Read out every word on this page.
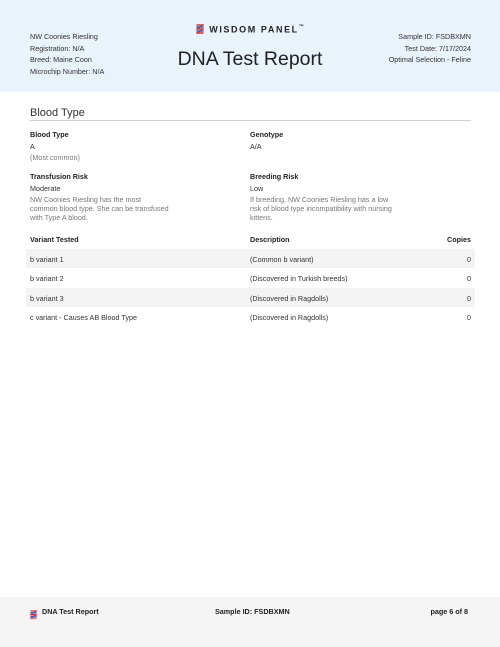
NW Coonies Riesling
Registration: N/A
Breed: Maine Coon
Microchip Number: N/A
WISDOM PANEL™
DNA Test Report
Sample ID: FSDBXMN
Test Date: 7/17/2024
Optimal Selection - Feline
Blood Type
Blood Type
A
(Most common)
Genotype
A/A
Transfusion Risk
Moderate
NW Coonies Riesling has the most common blood type. She can be transfused with Type A blood.
Breeding Risk
Low
If breeding, NW Coonies Riesling has a low risk of blood type incompatibility with nursing kittens.
Variant Tested	Description	Copies
b variant 1	(Common b variant)	0
b variant 2	(Discovered in Turkish breeds)	0
b variant 3	(Discovered in Ragdolls)	0
c variant - Causes AB Blood Type	(Discovered in Ragdolls)	0
DNA Test Report	Sample ID: FSDBXMN	page 6 of 8
